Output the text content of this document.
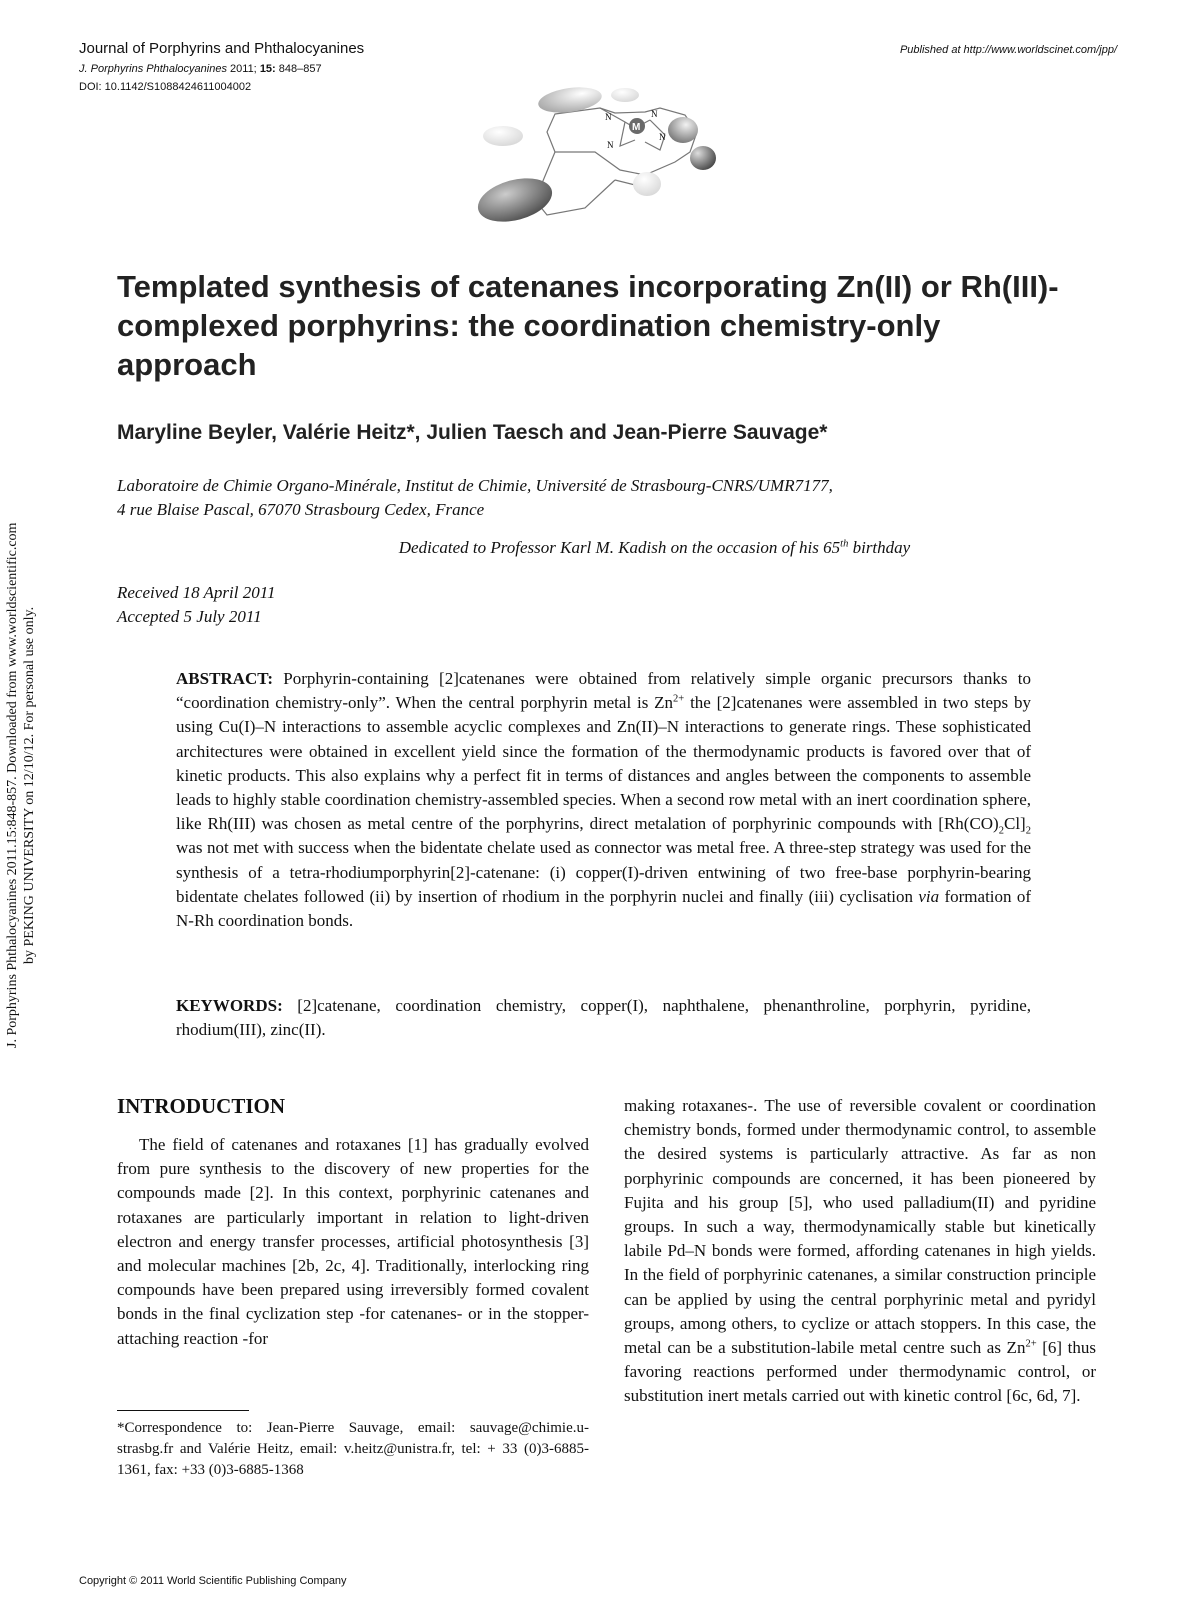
Journal of Porphyrins and Phthalocyanines
J. Porphyrins Phthalocyanines 2011; 15: 848–857
DOI: 10.1142/S1088424611004002
Published at http://www.worldscinet.com/jpp/
N	N
N
N
M
Templated synthesis of catenanes incorporating Zn(II) or Rh(III)-complexed porphyrins: the coordination chemistry-only approach
Maryline Beyler, Valérie Heitz*, Julien Taesch and Jean-Pierre Sauvage*
Laboratoire de Chimie Organo-Minérale, Institut de Chimie, Université de Strasbourg-CNRS/UMR7177,
4 rue Blaise Pascal, 67070 Strasbourg Cedex, France
Dedicated to Professor Karl M. Kadish on the occasion of his 65th birthday
Received 18 April 2011
Accepted 5 July 2011
ABSTRACT: Porphyrin-containing [2]catenanes were obtained from relatively simple organic precursors thanks to “coordination chemistry-only”. When the central porphyrin metal is $Zn^{2+}$ the [2]catenanes were assembled in two steps by using Cu(I)–N interactions to assemble acyclic complexes and Zn(II)–N interactions to generate rings. These sophisticated architectures were obtained in excellent yield since the formation of the thermodynamic products is favored over that of kinetic products. This also explains why a perfect fit in terms of distances and angles between the components to assemble leads to highly stable coordination chemistry-assembled species. When a second row metal with an inert coordination sphere, like Rh(III) was chosen as metal centre of the porphyrins, direct metalation of porphyrinic compounds with $[Rh(CO)_2Cl]_2$ was not met with success when the bidentate chelate used as connector was metal free. A three-step strategy was used for the synthesis of a tetra-rhodiumporphyrin[2]-catenane: (i) copper(I)-driven entwining of two free-base porphyrin-bearing bidentate chelates followed (ii) by insertion of rhodium in the porphyrin nuclei and finally (iii) cyclisation via formation of N-Rh coordination bonds.
KEYWORDS: [2]catenane, coordination chemistry, copper(I), naphthalene, phenanthroline, porphyrin, pyridine, rhodium(III), zinc(II).
J. Porphyrins Phthalocyanines 2011.15:848-857. Downloaded from www.worldscientific.com by PEKING UNIVERSITY on 12/10/12. For personal use only.
INTRODUCTION

The field of catenanes and rotaxanes [1] has gradually evolved from pure synthesis to the discovery of new properties for the compounds made [2]. In this context, porphyrinic catenanes and rotaxanes are particularly important in relation to light-driven electron and energy transfer processes, artificial photosynthesis [3] and molecular machines [2b, 2c, 4]. Traditionally, interlocking ring compounds have been prepared using irreversibly formed covalent bonds in the final cyclization step -for catenanes- or in the stopper-attaching reaction -for

making rotaxanes-. The use of reversible covalent or coordination chemistry bonds, formed under thermodynamic control, to assemble the desired systems is particularly attractive. As far as non porphyrinic compounds are concerned, it has been pioneered by Fujita and his group [5], who used palladium(II) and pyridine groups. In such a way, thermodynamically stable but kinetically labile Pd–N bonds were formed, affording catenanes in high yields. In the field of porphyrinic catenanes, a similar construction principle can be applied by using the central porphyrinic metal and pyridyl groups, among others, to cyclize or attach stoppers. In this case, the metal can be a substitution-labile metal centre such as $Zn^{2+}$ [6] thus favoring reactions performed under thermodynamic control, or substitution inert metals carried out with kinetic control [6c, 6d, 7].

*Correspondence to: Jean-Pierre Sauvage, email: sauvage@chimie.u-strasbg.fr and Valérie Heitz, email: v.heitz@unistra.fr, tel: + 33 (0)3-6885-1361, fax: +33 (0)3-6885-1368
Copyright © 2011 World Scientific Publishing Company
